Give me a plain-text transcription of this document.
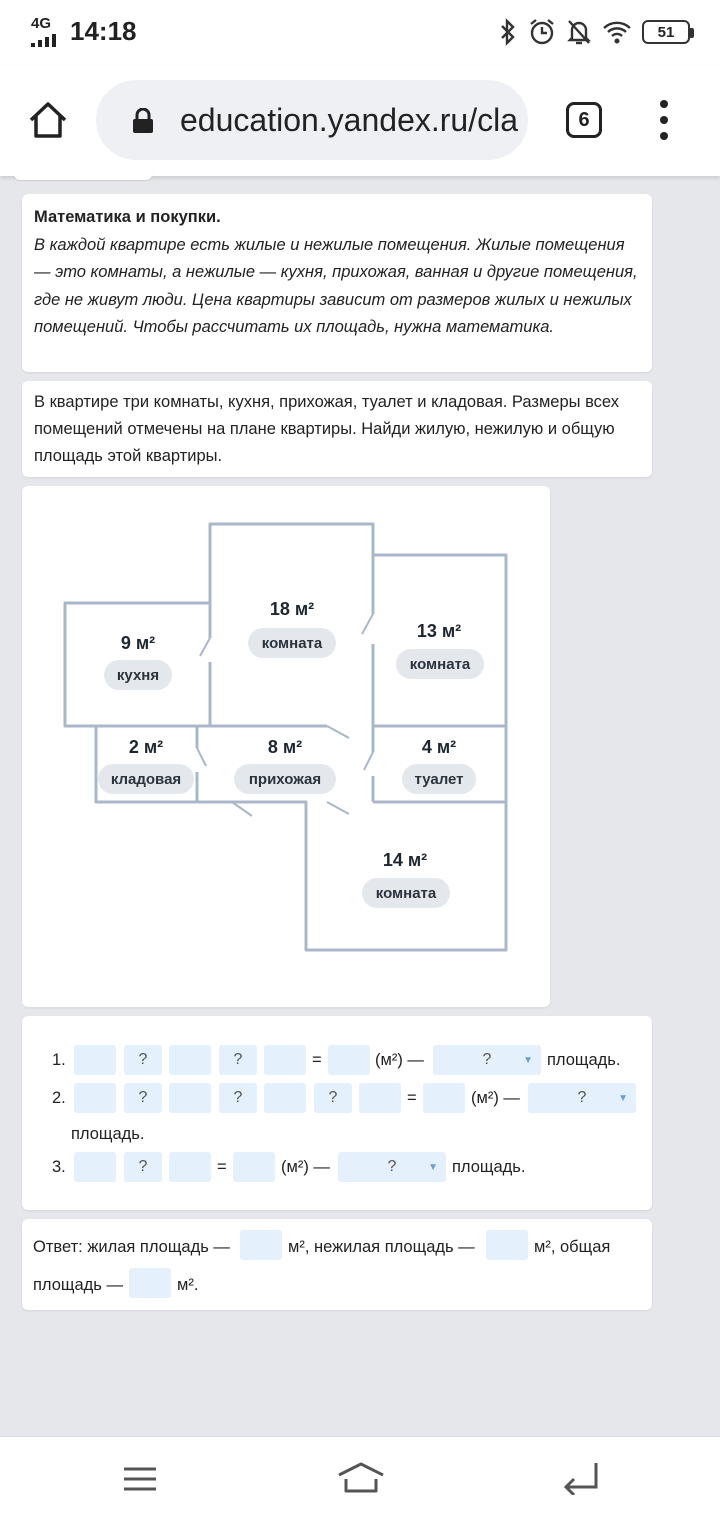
4G 14:18	51
education.yandex.ru/cla	6
Математика и покупки.
В каждой квартире есть жилые и нежилые помещения. Жилые помещения — это комнаты, а нежилые — кухня, прихожая, ванная и другие помещения, где не живут люди. Цена квартиры зависит от размеров жилых и нежилых помещений. Чтобы рассчитать их площадь, нужна математика.
В квартире три комнаты, кухня, прихожая, туалет и кладовая. Размеры всех помещений отмечены на плане квартиры. Найди жилую, нежилую и общую площадь этой квартиры.
9 м²
18 м²
13 м²
2 м²	8 м²	4 м²
14 м²
кухня
комната
комната
кладовая	прихожая	туалет
комната
1.	?	?	=	(м²) —	?	▼ площадь.
2.	?	?	?	=	(м²) —	?	▼
площадь.
3.	?	=	(м²) —	?	▼ площадь.
Ответ: жилая площадь —	м², нежилая площадь —	м², общая
площадь —	м².
